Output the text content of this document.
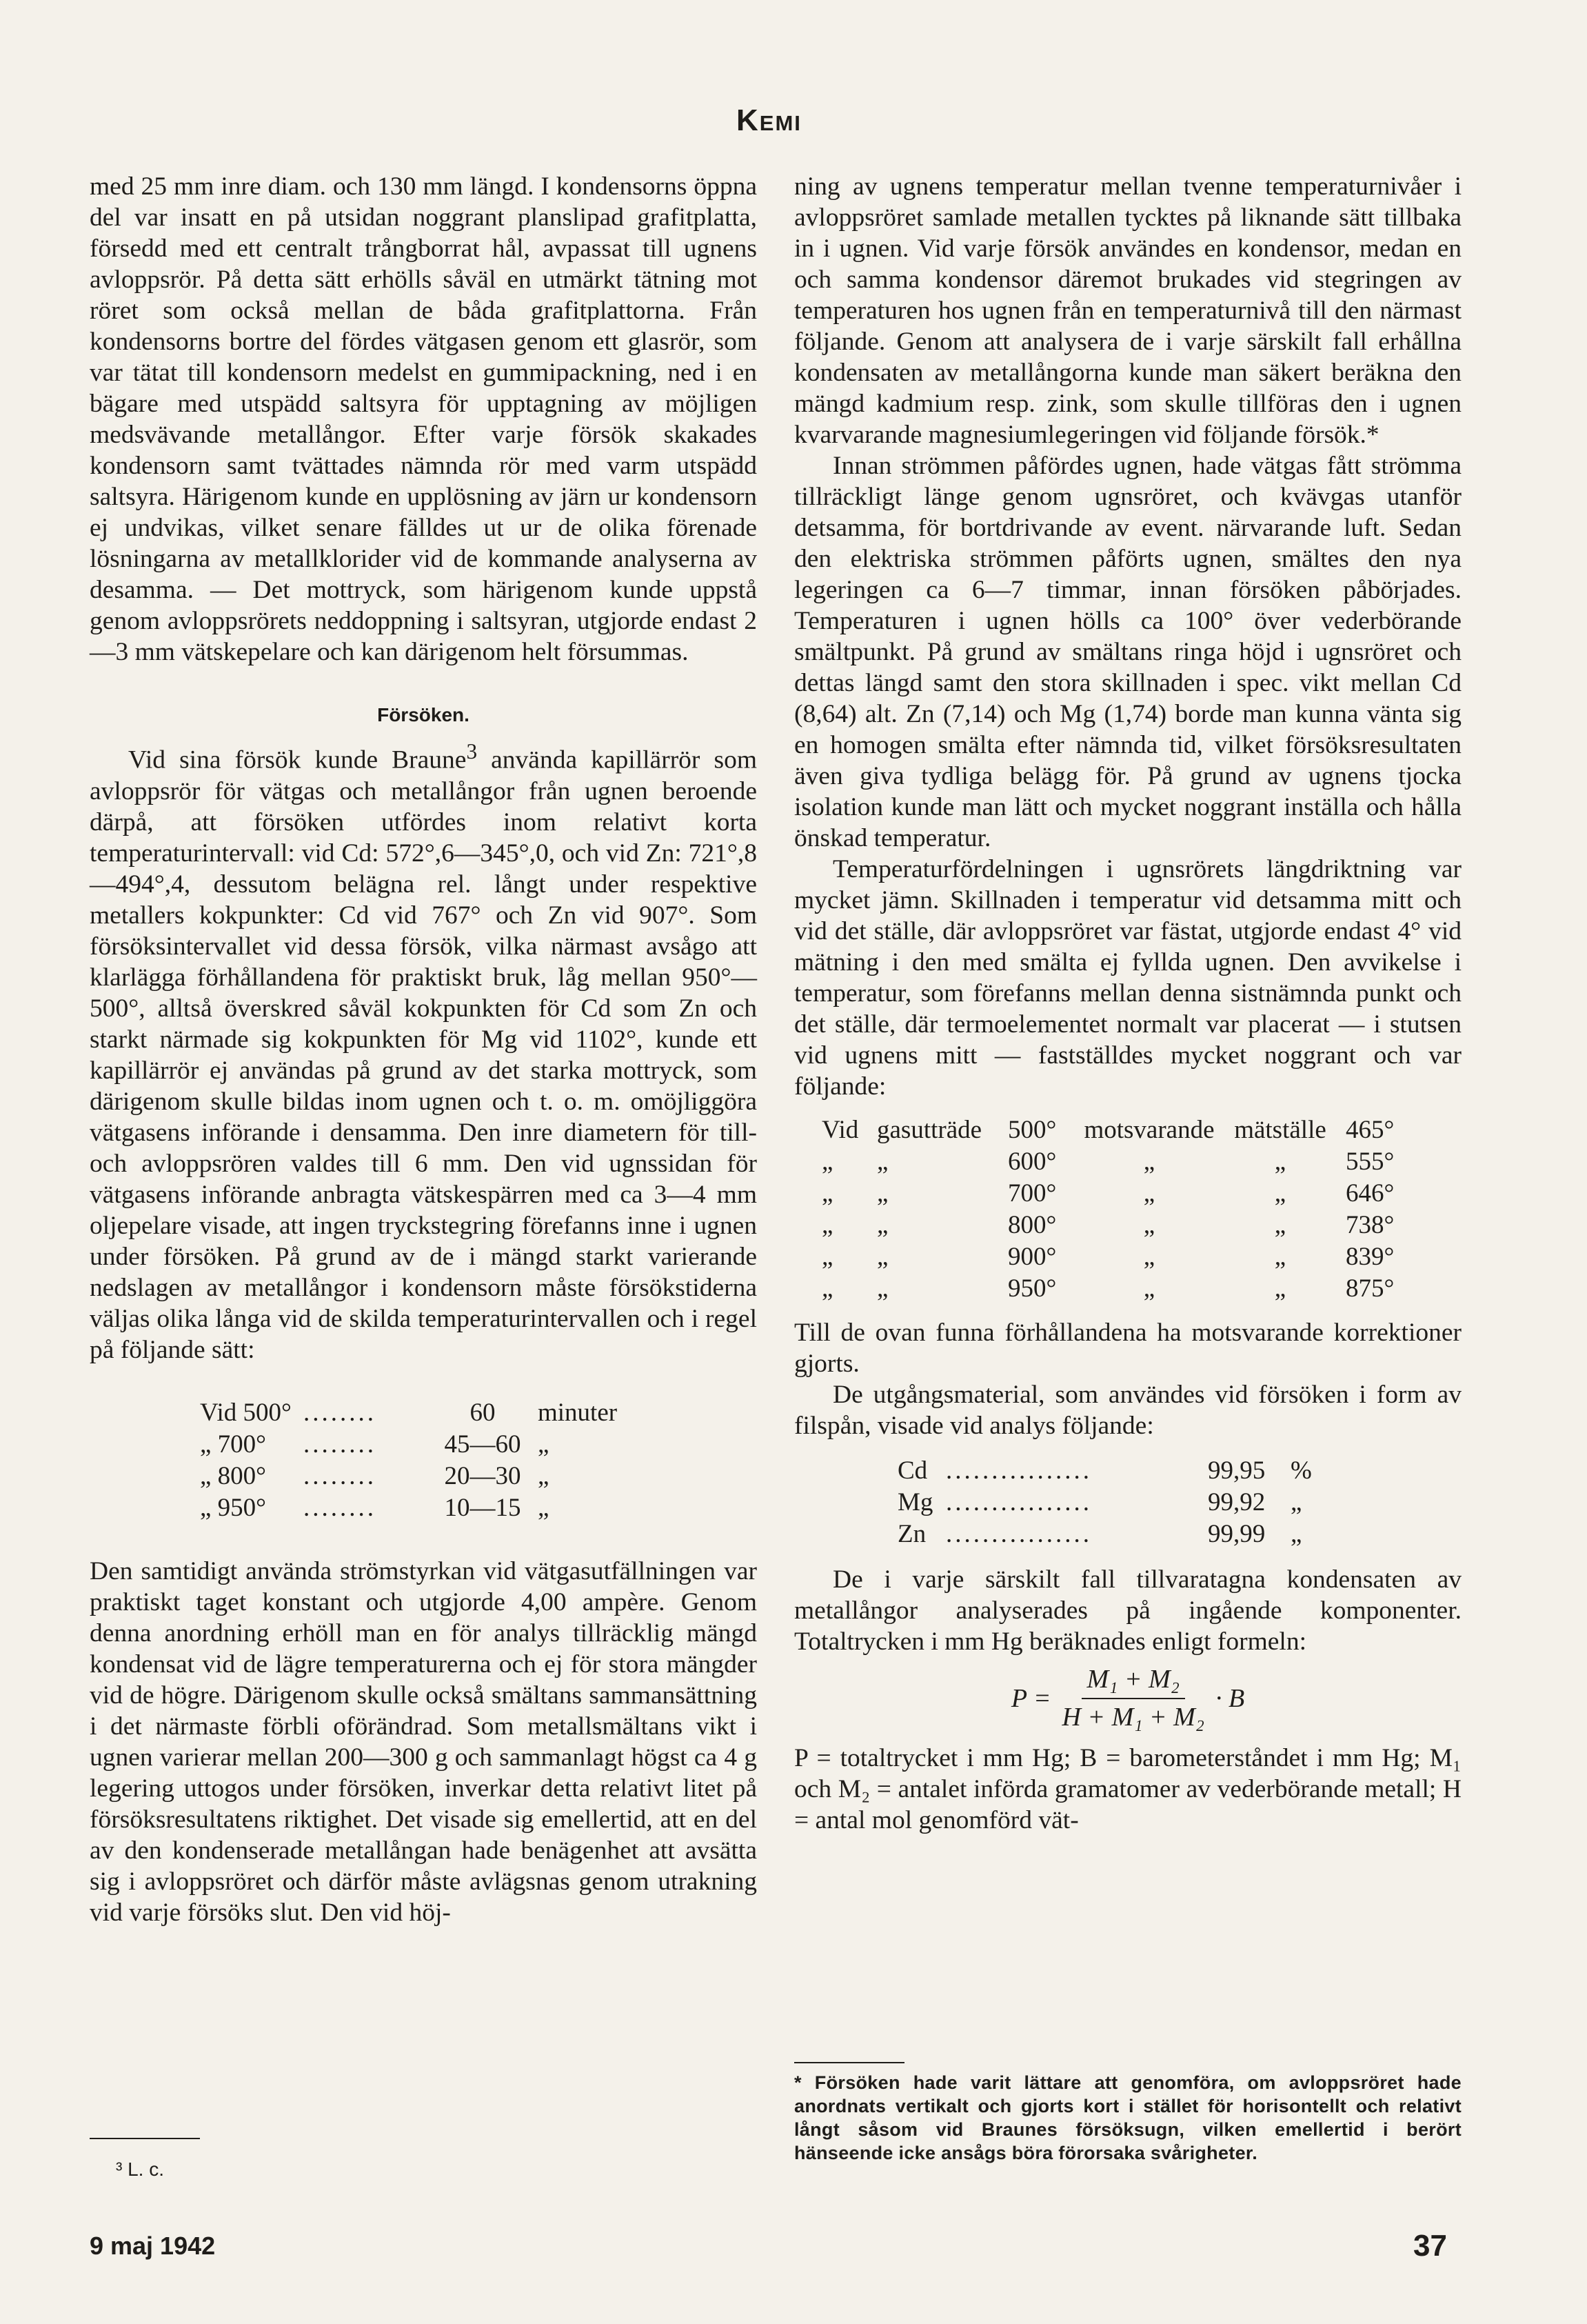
Kemi

med 25 mm inre diam. och 130 mm längd. I kondensorns öppna del var insatt en på utsidan noggrant planslipad grafitplatta, försedd med ett centralt trångborrat hål, avpassat till ugnens avloppsrör. På detta sätt erhölls såväl en utmärkt tätning mot röret som också mellan de båda grafitplattorna. Från kondensorns bortre del fördes vätgasen genom ett glasrör, som var tätat till kondensorn medelst en gummipackning, ned i en bägare med utspädd saltsyra för upptagning av möjligen medsvävande metallångor. Efter varje försök skakades kondensorn samt tvättades nämnda rör med varm utspädd saltsyra. Härigenom kunde en upplösning av järn ur kondensorn ej undvikas, vilket senare fälldes ut ur de olika förenade lösningarna av metallklorider vid de kommande analyserna av desamma. — Det mottryck, som härigenom kunde uppstå genom avloppsrörets neddoppning i saltsyran, utgjorde endast 2—3 mm vätskepelare och kan därigenom helt försummas.

Försöken.

Vid sina försök kunde Braune$^3$ använda kapillärrör som avloppsrör för vätgas och metallångor från ugnen beroende därpå, att försöken utfördes inom relativt korta temperaturintervall: vid Cd: 572°,6—345°,0, och vid Zn: 721°,8—494°,4, dessutom belägna rel. långt under respektive metallers kokpunkter: Cd vid 767° och Zn vid 907°. Som försöksintervallet vid dessa försök, vilka närmast avsågo att klarlägga förhållandena för praktiskt bruk, låg mellan 950°—500°, alltså överskred såväl kokpunkten för Cd som Zn och starkt närmade sig kokpunkten för Mg vid 1102°, kunde ett kapillärrör ej användas på grund av det starka mottryck, som därigenom skulle bildas inom ugnen och t. o. m. omöjliggöra vätgasens införande i densamma. Den inre diametern för till- och avloppsrören valdes till 6 mm. Den vid ugnssidan för vätgasens införande anbragta vätskespärren med ca 3—4 mm oljepelare visade, att ingen tryckstegring förefanns inne i ugnen under försöken. På grund av de i mängd starkt varierande nedslagen av metallångor i kondensorn måste försökstiderna väljas olika långa vid de skilda temperaturintervallen och i regel på följande sätt:

Vid 500°	........	60	minuter
„ 700°	........	45—60	„
„ 800°	........	20—30	„
„ 950°	........	10—15	„

Den samtidigt använda strömstyrkan vid vätgasutfällningen var praktiskt taget konstant och utgjorde 4,00 ampère. Genom denna anordning erhöll man en för analys tillräcklig mängd kondensat vid de lägre temperaturerna och ej för stora mängder vid de högre. Därigenom skulle också smältans sammansättning i det närmaste förbli oförändrad. Som metallsmältans vikt i ugnen varierar mellan 200—300 g och sammanlagt högst ca 4 g legering uttogos under försöken, inverkar detta relativt litet på försöksresultatens riktighet. Det visade sig emellertid, att en del av den kondenserade metallångan hade benägenhet att avsätta sig i avloppsröret och därför måste avlägsnas genom utrakning vid varje försöks slut. Den vid höj-

³ L. c.

ning av ugnens temperatur mellan tvenne temperaturnivåer i avloppsröret samlade metallen tycktes på liknande sätt tillbaka in i ugnen. Vid varje försök användes en kondensor, medan en och samma kondensor däremot brukades vid stegringen av temperaturen hos ugnen från en temperaturnivå till den närmast följande. Genom att analysera de i varje särskilt fall erhållna kondensaten av metallångorna kunde man säkert beräkna den mängd kadmium resp. zink, som skulle tillföras den i ugnen kvarvarande magnesiumlegeringen vid följande försök.*

Innan strömmen påfördes ugnen, hade vätgas fått strömma tillräckligt länge genom ugnsröret, och kvävgas utanför detsamma, för bortdrivande av event. närvarande luft. Sedan den elektriska strömmen påförts ugnen, smältes den nya legeringen ca 6—7 timmar, innan försöken påbörjades. Temperaturen i ugnen hölls ca 100° över vederbörande smältpunkt. På grund av smältans ringa höjd i ugnsröret och dettas längd samt den stora skillnaden i spec. vikt mellan Cd (8,64) alt. Zn (7,14) och Mg (1,74) borde man kunna vänta sig en homogen smälta efter nämnda tid, vilket försöksresultaten även giva tydliga belägg för. På grund av ugnens tjocka isolation kunde man lätt och mycket noggrant inställa och hålla önskad temperatur.

Temperaturfördelningen i ugnsrörets längdriktning var mycket jämn. Skillnaden i temperatur vid detsamma mitt och vid det ställe, där avloppsröret var fästat, utgjorde endast 4° vid mätning i den med smälta ej fyllda ugnen. Den avvikelse i temperatur, som förefanns mellan denna sistnämnda punkt och det ställe, där termoelementet normalt var placerat — i stutsen vid ugnens mitt — fastställdes mycket noggrant och var följande:

Vid	gasutträde	500°	motsvarande	mätställe	465°
„	„	600°	„	„	555°
„	„	700°	„	„	646°
„	„	800°	„	„	738°
„	„	900°	„	„	839°
„	„	950°	„	„	875°

Till de ovan funna förhållandena ha motsvarande korrektioner gjorts.

De utgångsmaterial, som användes vid försöken i form av filspån, visade vid analys följande:

Cd	................	99,95	%
Mg	................	99,92	„
Zn	................	99,99	„

De i varje särskilt fall tillvaratagna kondensaten av metallångor analyserades på ingående komponenter. Totaltrycken i mm Hg beräknades enligt formeln:

$P = \frac{\text{M₁ + M₂}}{\text{H + M₁ + M₂}} \cdot B$

P = totaltrycket i mm Hg; B = barometerståndet i mm Hg; M₁ och M₂ = antalet införda gramatomer av vederbörande metall; H = antal mol genomförd vät-

* Försöken hade varit lättare att genomföra, om avloppsröret hade anordnats vertikalt och gjorts kort i stället för horisontellt och relativt långt såsom vid Braunes försöksugn, vilken emellertid i berört hänseende icke ansågs böra förorsaka svårigheter.
9 maj 1942	37
